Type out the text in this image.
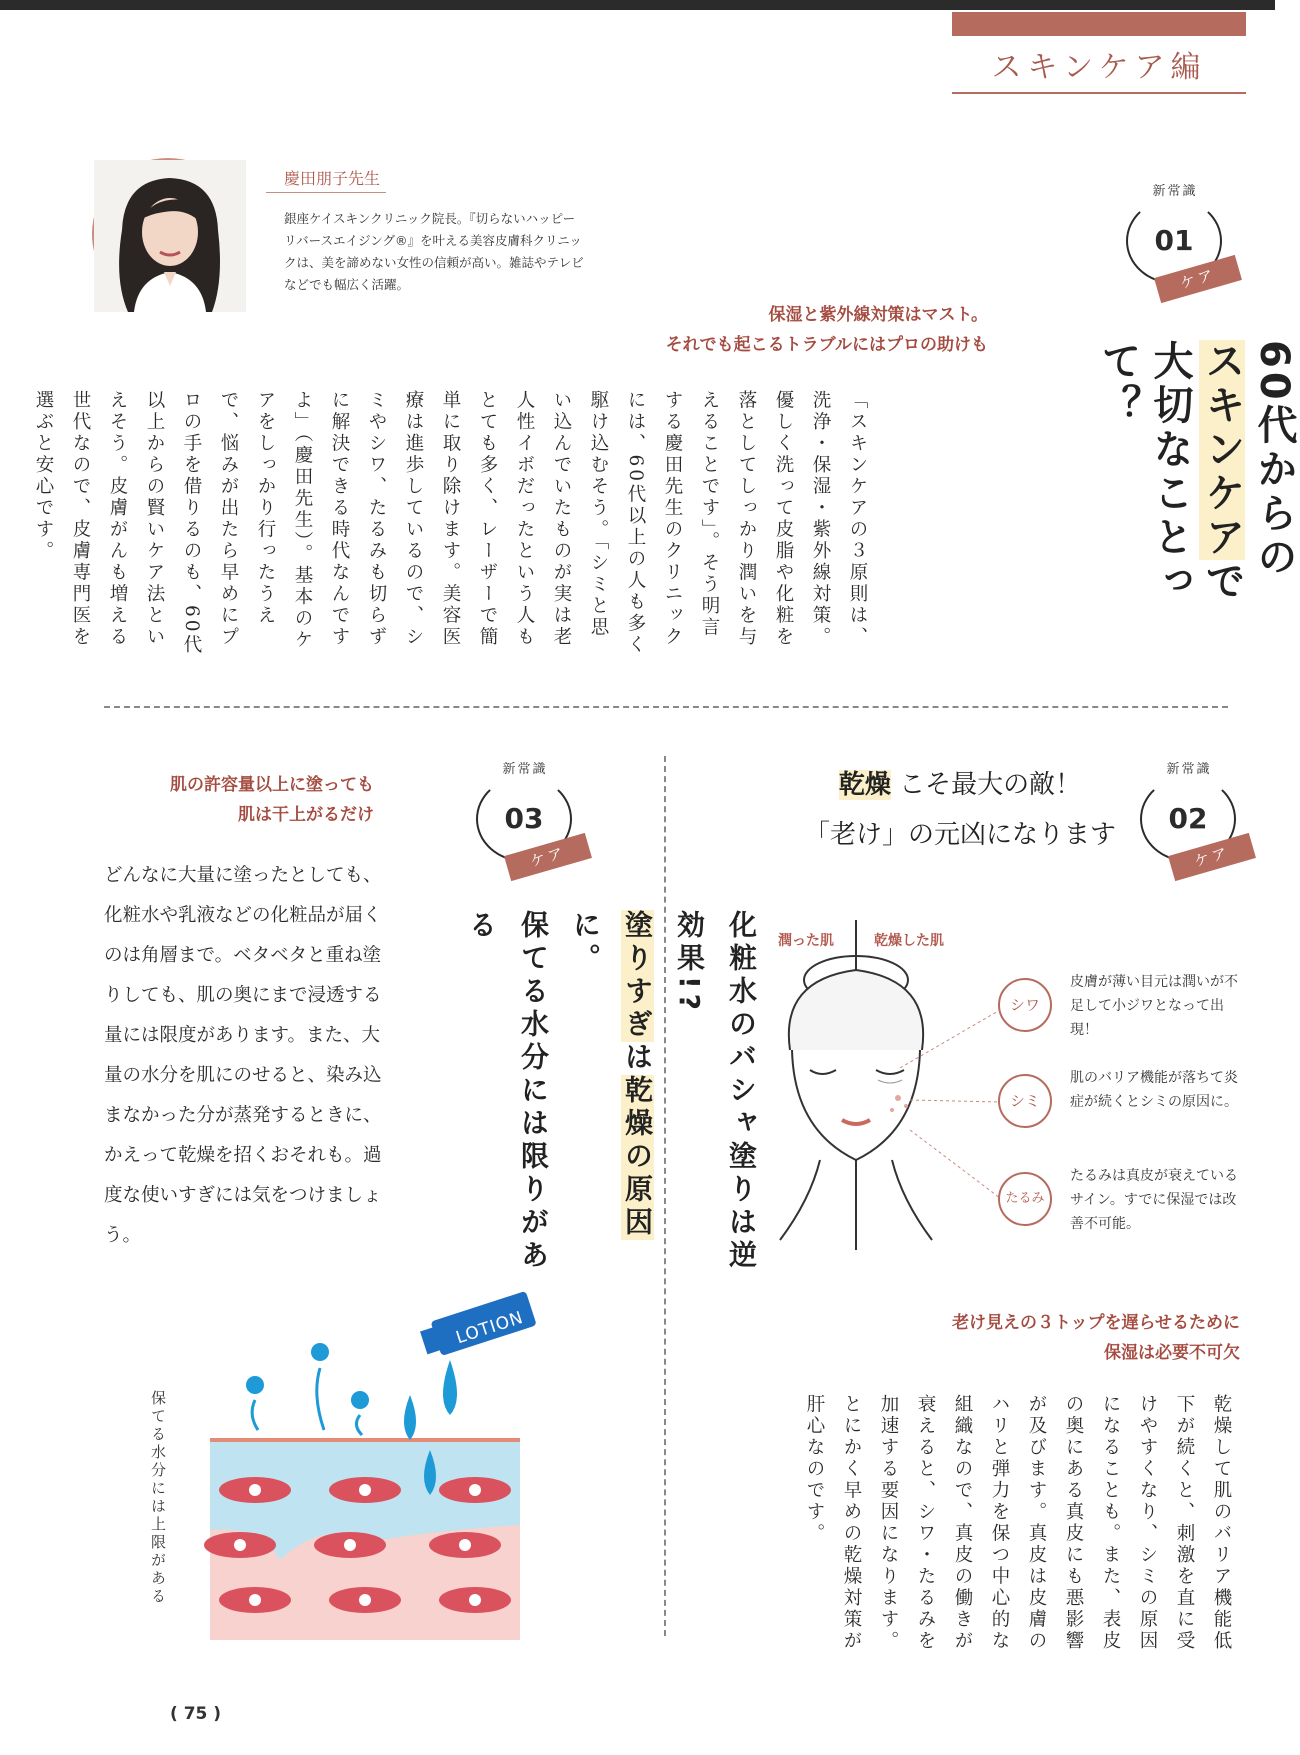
スキンケア編
慶田朋子先生
銀座ケイスキンクリニック院長。『切らないハッピーリバースエイジング®』を叶える美容皮膚科クリニックは、美を諦めない女性の信頼が高い。雑誌やテレビなどでも幅広く活躍。
新常識
01
ケア
60代からの
スキンケアで
大切なことって？
保湿と紫外線対策はマスト。
それでも起こるトラブルにはプロの助けも
「スキンケアの３原則は、洗浄・保湿・紫外線対策。優しく洗って皮脂や化粧を落としてしっかり潤いを与えることです」。そう明言する慶田先生のクリニックには、60代以上の人も多く駆け込むそう。「シミと思い込んでいたものが実は老人性イボだったという人もとても多く、レーザーで簡単に取り除けます。美容医療は進歩しているので、シミやシワ、たるみも切らずに解決できる時代なんですよ」（慶田先生）。基本のケアをしっかり行ったうえで、悩みが出たら早めにプロの手を借りるのも、60代以上からの賢いケア法といえそう。皮膚がんも増える世代なので、皮膚専門医を選ぶと安心です。
新常識
03
ケア
肌の許容量以上に塗っても
肌は干上がるだけ
どんなに大量に塗ったとしても、化粧水や乳液などの化粧品が届くのは角層まで。ベタベタと重ね塗りしても、肌の奥にまで浸透する量には限度があります。また、大量の水分を肌にのせると、染み込まなかった分が蒸発するときに、かえって乾燥を招くおそれも。過度な使いすぎには気をつけましょう。	化粧水のバシャ塗りは逆効果!?
塗りすぎは乾燥の原因に。
保てる水分には限りがある
LOTION
保てる水分には上限がある
新常識
02
ケア
乾燥 こそ最大の敵！
「老け」の元凶になります
潤った肌	乾燥した肌
シワ
シミ
たるみ
皮膚が薄い目元は潤いが不足して小ジワとなって出現！
肌のバリア機能が落ちて炎症が続くとシミの原因に。
たるみは真皮が衰えているサイン。すでに保湿では改善不可能。
老け見えの３トップを遅らせるために
保湿は必要不可欠
乾燥して肌のバリア機能低下が続くと、刺激を直に受けやすくなり、シミの原因になることも。また、表皮の奥にある真皮にも悪影響が及びます。真皮は皮膚のハリと弾力を保つ中心的な組織なので、真皮の働きが衰えると、シワ・たるみを加速する要因になります。とにかく早めの乾燥対策が肝心なのです。
( 75 )
